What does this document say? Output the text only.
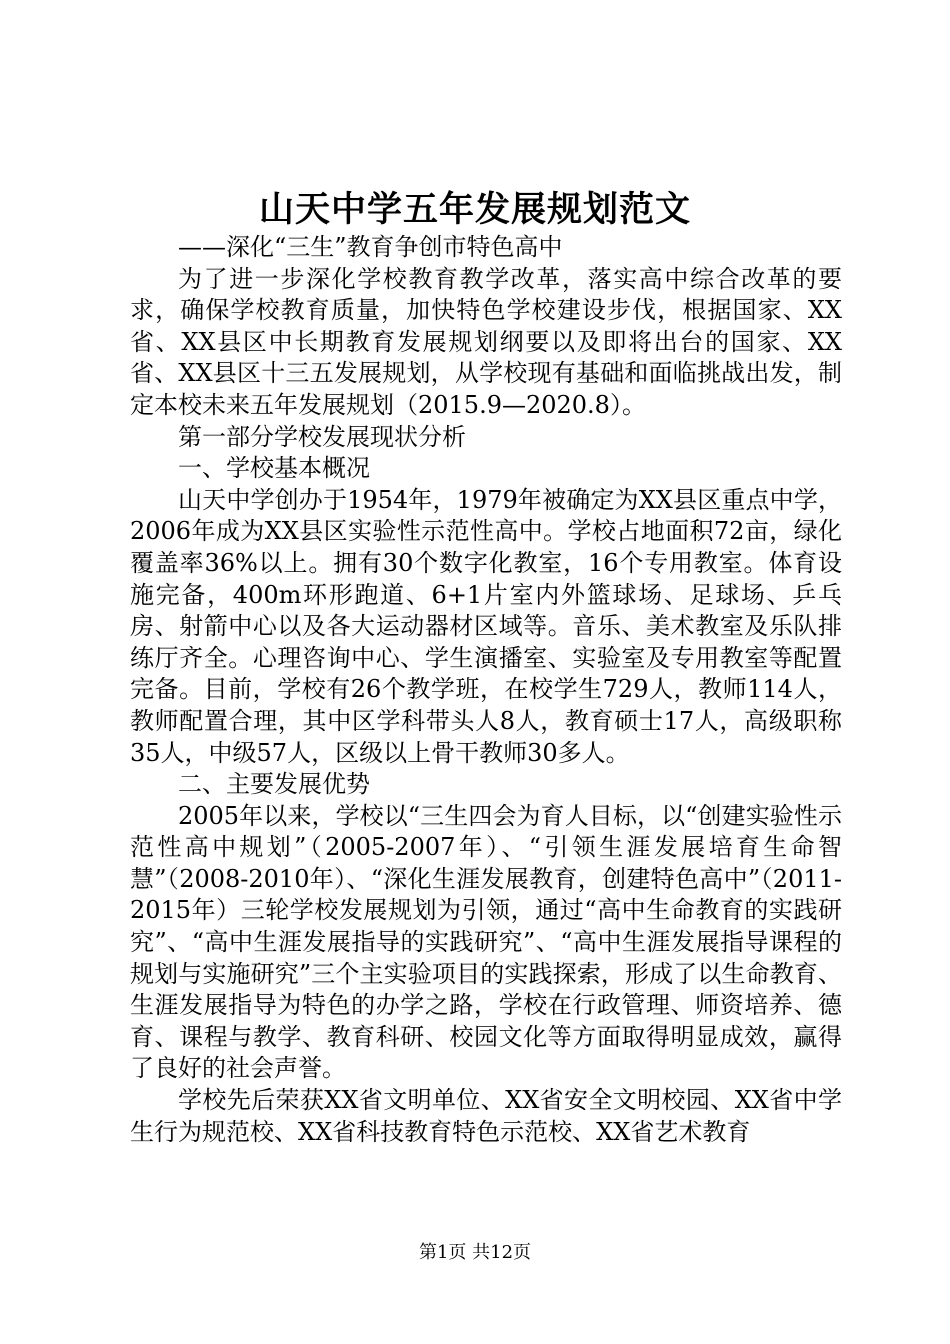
山天中学五年发展规划范文

——深化“三生”教育争创市特色高中

为了进一步深化学校教育教学改革，落实高中综合改革的要求，确保学校教育质量，加快特色学校建设步伐，根据国家、XX省、XX县区中长期教育发展规划纲要以及即将出台的国家、XX省、XX县区十三五发展规划，从学校现有基础和面临挑战出发，制定本校未来五年发展规划（2015.9—2020.8）。

第一部分学校发展现状分析

一、学校基本概况

山天中学创办于1954年，1979年被确定为XX县区重点中学，2006年成为XX县区实验性示范性高中。学校占地面积72亩，绿化覆盖率36%以上。拥有30个数字化教室，16个专用教室。体育设施完备，400m环形跑道、6+1片室内外篮球场、足球场、乒乓房、射箭中心以及各大运动器材区域等。音乐、美术教室及乐队排练厅齐全。心理咨询中心、学生演播室、实验室及专用教室等配置完备。目前，学校有26个教学班，在校学生729人，教师114人，教师配置合理，其中区学科带头人8人，教育硕士17人，高级职称35人，中级57人，区级以上骨干教师30多人。

二、主要发展优势

2005年以来，学校以“三生四会为育人目标，以“创建实验性示范性高中规划”（2005-2007年）、“引领生涯发展培育生命智慧”（2008-2010年）、“深化生涯发展教育，创建特色高中”（2011-2015年）三轮学校发展规划为引领，通过“高中生命教育的实践研究”、“高中生涯发展指导的实践研究”、“高中生涯发展指导课程的规划与实施研究”三个主实验项目的实践探索，形成了以生命教育、生涯发展指导为特色的办学之路，学校在行政管理、师资培养、德育、课程与教学、教育科研、校园文化等方面取得明显成效，赢得了良好的社会声誉。

学校先后荣获XX省文明单位、XX省安全文明校园、XX省中学生行为规范校、XX省科技教育特色示范校、XX省艺术教育

第1页 共12页
